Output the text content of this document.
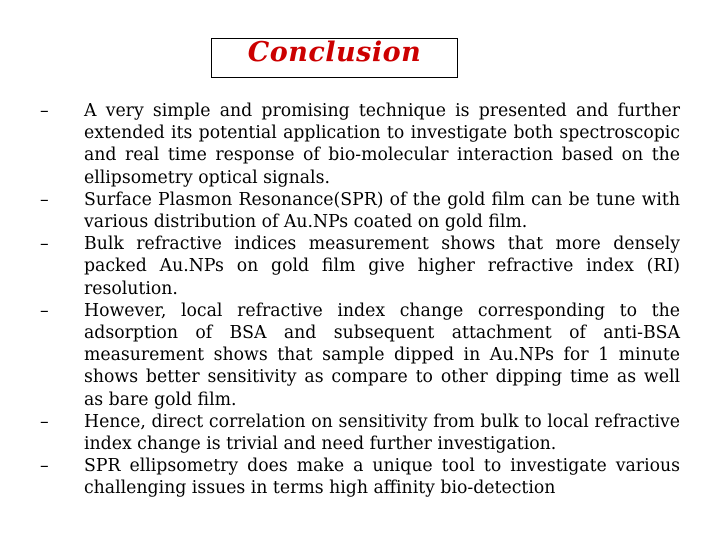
Conclusion
–	A very simple and promising technique is presented and further extended its potential application to investigate both spectroscopic and real time response of bio-molecular interaction based on the ellipsometry optical signals.
–	Surface Plasmon Resonance(SPR) of the gold film can be tune with various distribution of Au.NPs coated on gold film.
–	Bulk refractive indices measurement shows that more densely packed Au.NPs on gold film give higher refractive index (RI) resolution.
–	However, local refractive index change corresponding to the adsorption of BSA and subsequent attachment of anti-BSA measurement shows that sample dipped in Au.NPs for 1 minute shows better sensitivity as compare to other dipping time as well as bare gold film.
–	Hence, direct correlation on sensitivity from bulk to local refractive index change is trivial and need further investigation.
–	SPR ellipsometry does make a unique tool to investigate various challenging issues in terms high affinity bio-detection
